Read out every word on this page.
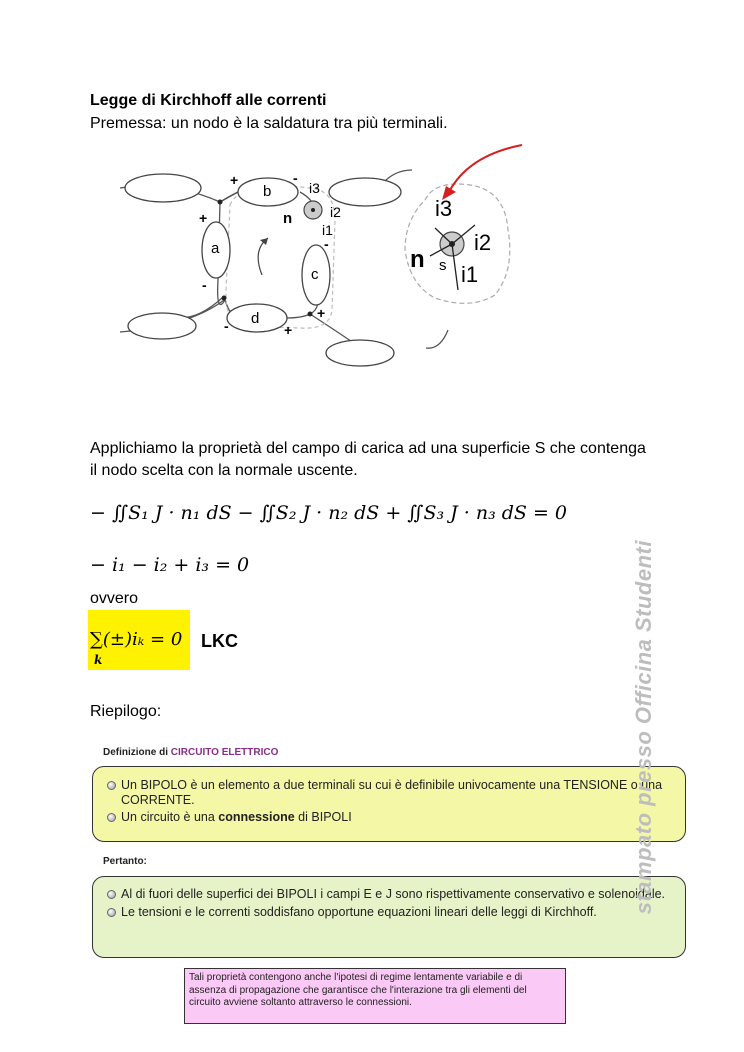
Legge di Kirchhoff alle correnti
Premessa: un nodo è la saldatura tra più terminali.
b
a
c
d
+	-
+
-
-
-
+
+
i3
i2
n
i1
i3
i2
n s i1
Applichiamo la proprietà del campo di carica ad una superficie S che contenga il nodo scelta con la normale uscente.
− ∬S₁ J · n₁ dS − ∬S₂ J · n₂ dS + ∬S₃ J · n₃ dS = 0
− i₁ − i₂ + i₃ = 0
ovvero
∑(±)iₖ = 0
k
LKC
Riepilogo:
Definizione di CIRCUITO ELETTRICO
Un BIPOLO è un elemento a due terminali su cui è definibile univocamente una TENSIONE o una CORRENTE.
Un circuito è una connessione di BIPOLI
Pertanto:
Al di fuori delle superfici dei BIPOLI i campi E e J sono rispettivamente conservativo e solenoidale.
Le tensioni e le correnti soddisfano opportune equazioni lineari delle leggi di Kirchhoff.
Tali proprietà contengono anche l'ipotesi di regime lentamente variabile e di assenza di propagazione che garantisce che l'interazione tra gli elementi del circuito avviene soltanto attraverso le connessioni.
stampato presso Officina Studenti
